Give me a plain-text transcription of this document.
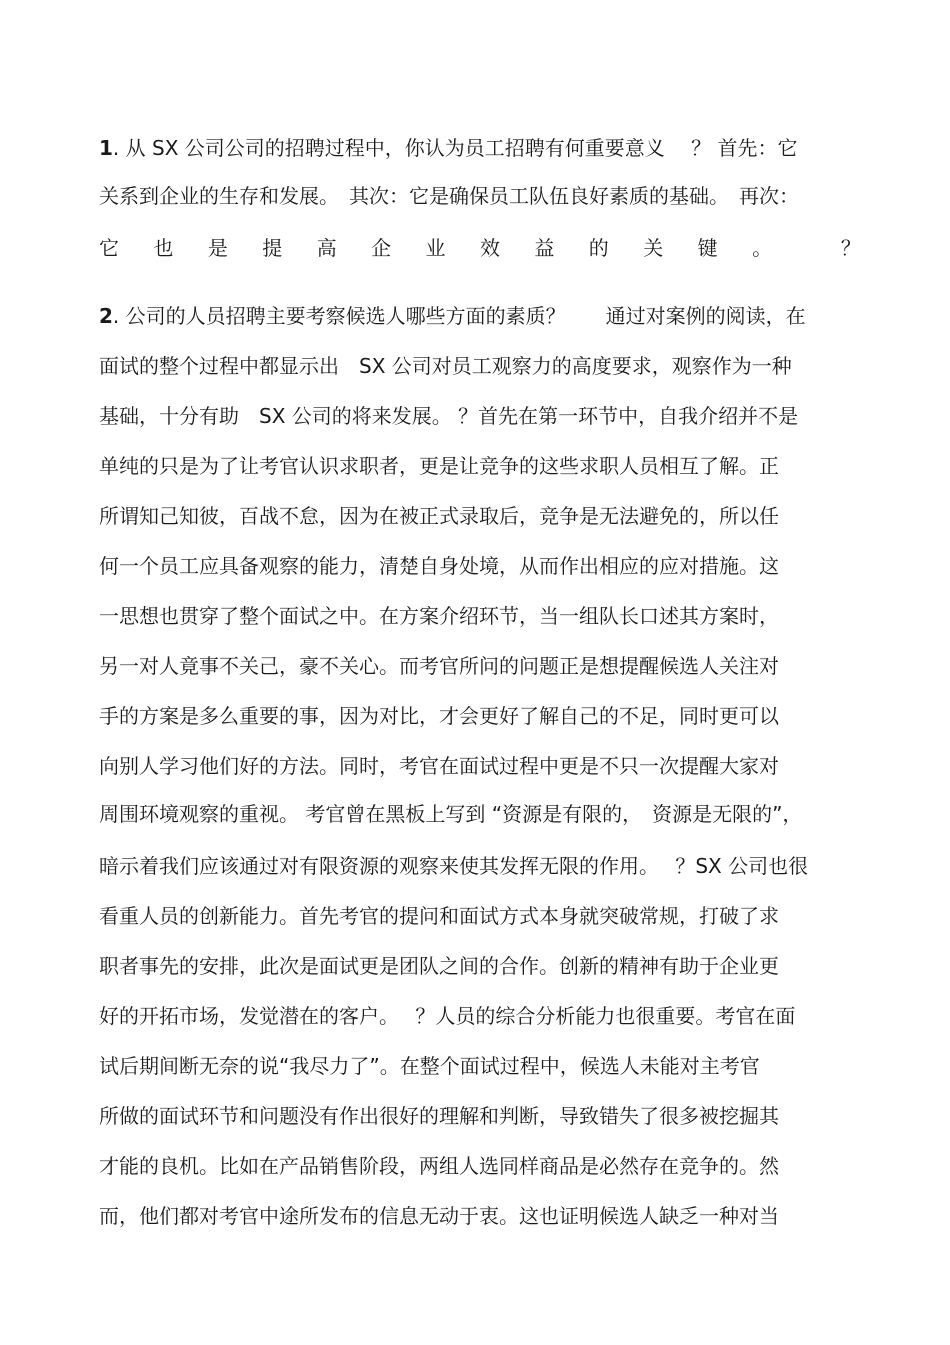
1. 从 SX 公司公司的招聘过程中，你认为员工招聘有何重要意义　 ？ 首先：它
关系到企业的生存和发展。　其次：它是确保员工队伍良好素质的基础。　再次：
它 也 是 提 高 企 业 效 益 的 关 键 。	？
2. 公司的人员招聘主要考察候选人哪些方面的素质？　　通过对案例的阅读，在
面试的整个过程中都显示出　SX 公司对员工观察力的高度要求，观察作为一种
基础，十分有助　SX 公司的将来发展。 ？首先在第一环节中，自我介绍并不是
单纯的只是为了让考官认识求职者，更是让竞争的这些求职人员相互了解。正
所谓知己知彼，百战不怠，因为在被正式录取后，竞争是无法避免的，所以任
何一个员工应具备观察的能力，清楚自身处境，从而作出相应的应对措施。这
一思想也贯穿了整个面试之中。在方案介绍环节，当一组队长口述其方案时，
另一对人竟事不关己，豪不关心。而考官所问的问题正是想提醒候选人关注对
手的方案是多么重要的事，因为对比，才会更好了解自己的不足，同时更可以
向别人学习他们好的方法。同时，考官在面试过程中更是不只一次提醒大家对
周围环境观察的重视。 考官曾在黑板上写到 “资源是有限的，　资源是无限的”，
暗示着我们应该通过对有限资源的观察来使其发挥无限的作用。　 ？SX 公司也很
看重人员的创新能力。首先考官的提问和面试方式本身就突破常规，打破了求
职者事先的安排，此次是面试更是团队之间的合作。创新的精神有助于企业更
好的开拓市场，发觉潜在的客户。　 ？人员的综合分析能力也很重要。考官在面
试后期间断无奈的说“我尽力了”。在整个面试过程中，候选人未能对主考官
所做的面试环节和问题没有作出很好的理解和判断，导致错失了很多被挖掘其
才能的良机。比如在产品销售阶段，两组人选同样商品是必然存在竞争的。然
而，他们都对考官中途所发布的信息无动于衷。这也证明候选人缺乏一种对当
